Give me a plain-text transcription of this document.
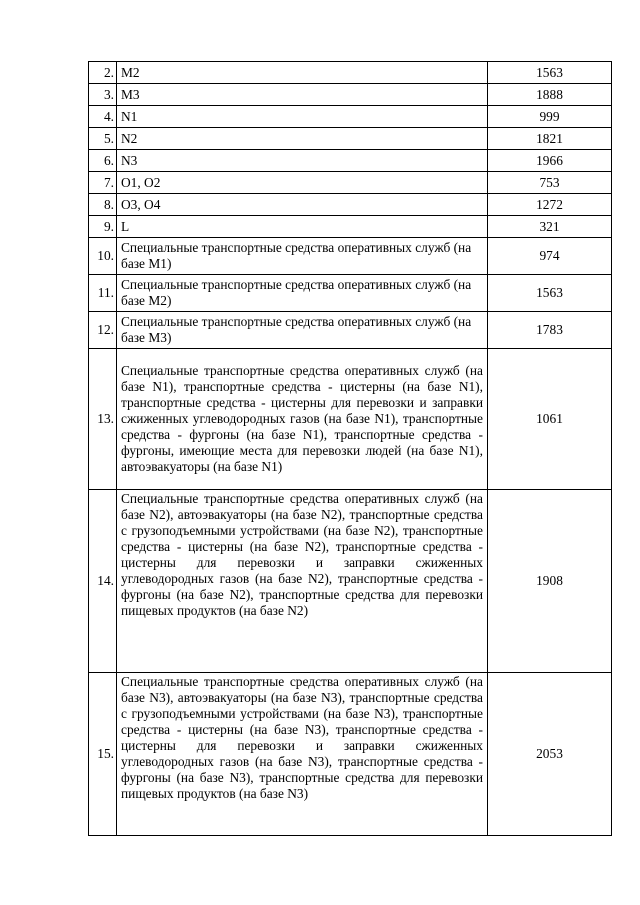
2.	M2	1563
3.	M3	1888
4.	N1	999
5.	N2	1821
6.	N3	1966
7.	O1, O2	753
8.	O3, O4	1272
9.	L	321
10.	Специальные транспортные средства оперативных служб (на базе M1)	974
11.	Специальные транспортные средства оперативных служб (на базе M2)	1563
12.	Специальные транспортные средства оперативных служб (на базе M3)	1783
13.	Специальные транспортные средства оперативных служб (на базе N1), транспортные средства - цистерны (на базе N1), транспортные средства - цистерны для перевозки и заправки сжиженных углеводородных газов (на базе N1), транспортные средства - фургоны (на базе N1), транспортные средства - фургоны, имеющие места для перевозки людей (на базе N1), автоэвакуаторы (на базе N1)	1061
14.	Специальные транспортные средства оперативных служб (на базе N2), автоэвакуаторы (на базе N2), транспортные средства с грузоподъемными устройствами (на базе N2), транспортные средства - цистерны (на базе N2), транспортные средства - цистерны для перевозки и заправки сжиженных углеводородных газов (на базе N2), транспортные средства - фургоны (на базе N2), транспортные средства для перевозки пищевых продуктов (на базе N2)	1908
15.	Специальные транспортные средства оперативных служб (на базе N3), автоэвакуаторы (на базе N3), транспортные средства с грузоподъемными устройствами (на базе N3), транспортные средства - цистерны (на базе N3), транспортные средства - цистерны для перевозки и заправки сжиженных углеводородных газов (на базе N3), транспортные средства - фургоны (на базе N3), транспортные средства для перевозки пищевых продуктов (на базе N3)	2053
